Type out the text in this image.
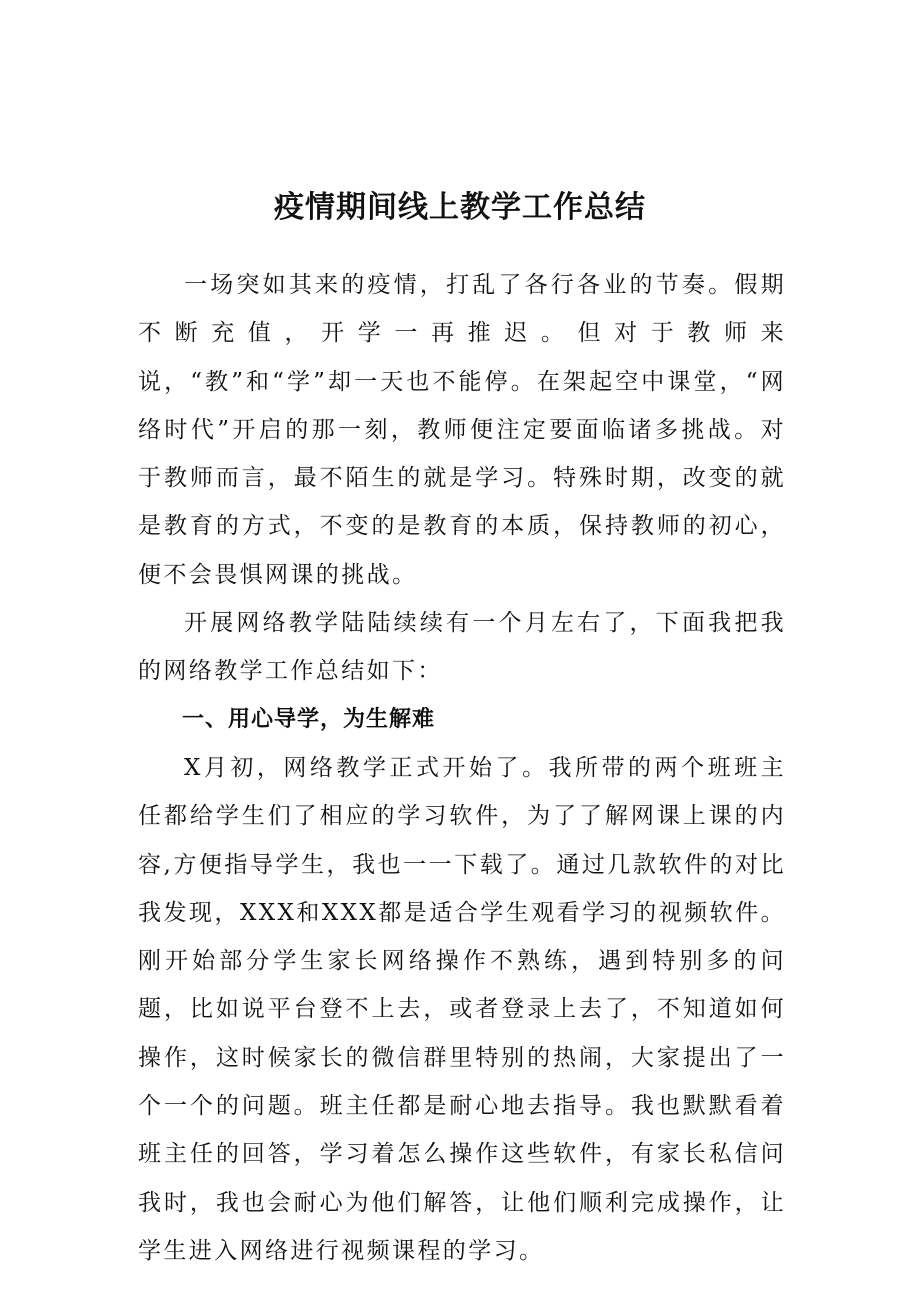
疫情期间线上教学工作总结

一场突如其来的疫情，打乱了各行各业的节奏。假期不断充值，开学一再推迟。但对于教师来说，“教”和“学”却一天也不能停。在架起空中课堂，“网络时代”开启的那一刻，教师便注定要面临诸多挑战。对于教师而言，最不陌生的就是学习。特殊时期，改变的就是教育的方式，不变的是教育的本质，保持教师的初心，便不会畏惧网课的挑战。

开展网络教学陆陆续续有一个月左右了，下面我把我的网络教学工作总结如下：

一、用心导学，为生解难

X月初，网络教学正式开始了。我所带的两个班班主任都给学生们了相应的学习软件，为了了解网课上课的内容,方便指导学生，我也一一下载了。通过几款软件的对比我发现，XXX和XXX都是适合学生观看学习的视频软件。刚开始部分学生家长网络操作不熟练，遇到特别多的问题，比如说平台登不上去，或者登录上去了，不知道如何操作，这时候家长的微信群里特别的热闹，大家提出了一个一个的问题。班主任都是耐心地去指导。我也默默看着班主任的回答，学习着怎么操作这些软件，有家长私信问我时，我也会耐心为他们解答，让他们顺利完成操作，让学生进入网络进行视频课程的学习。
